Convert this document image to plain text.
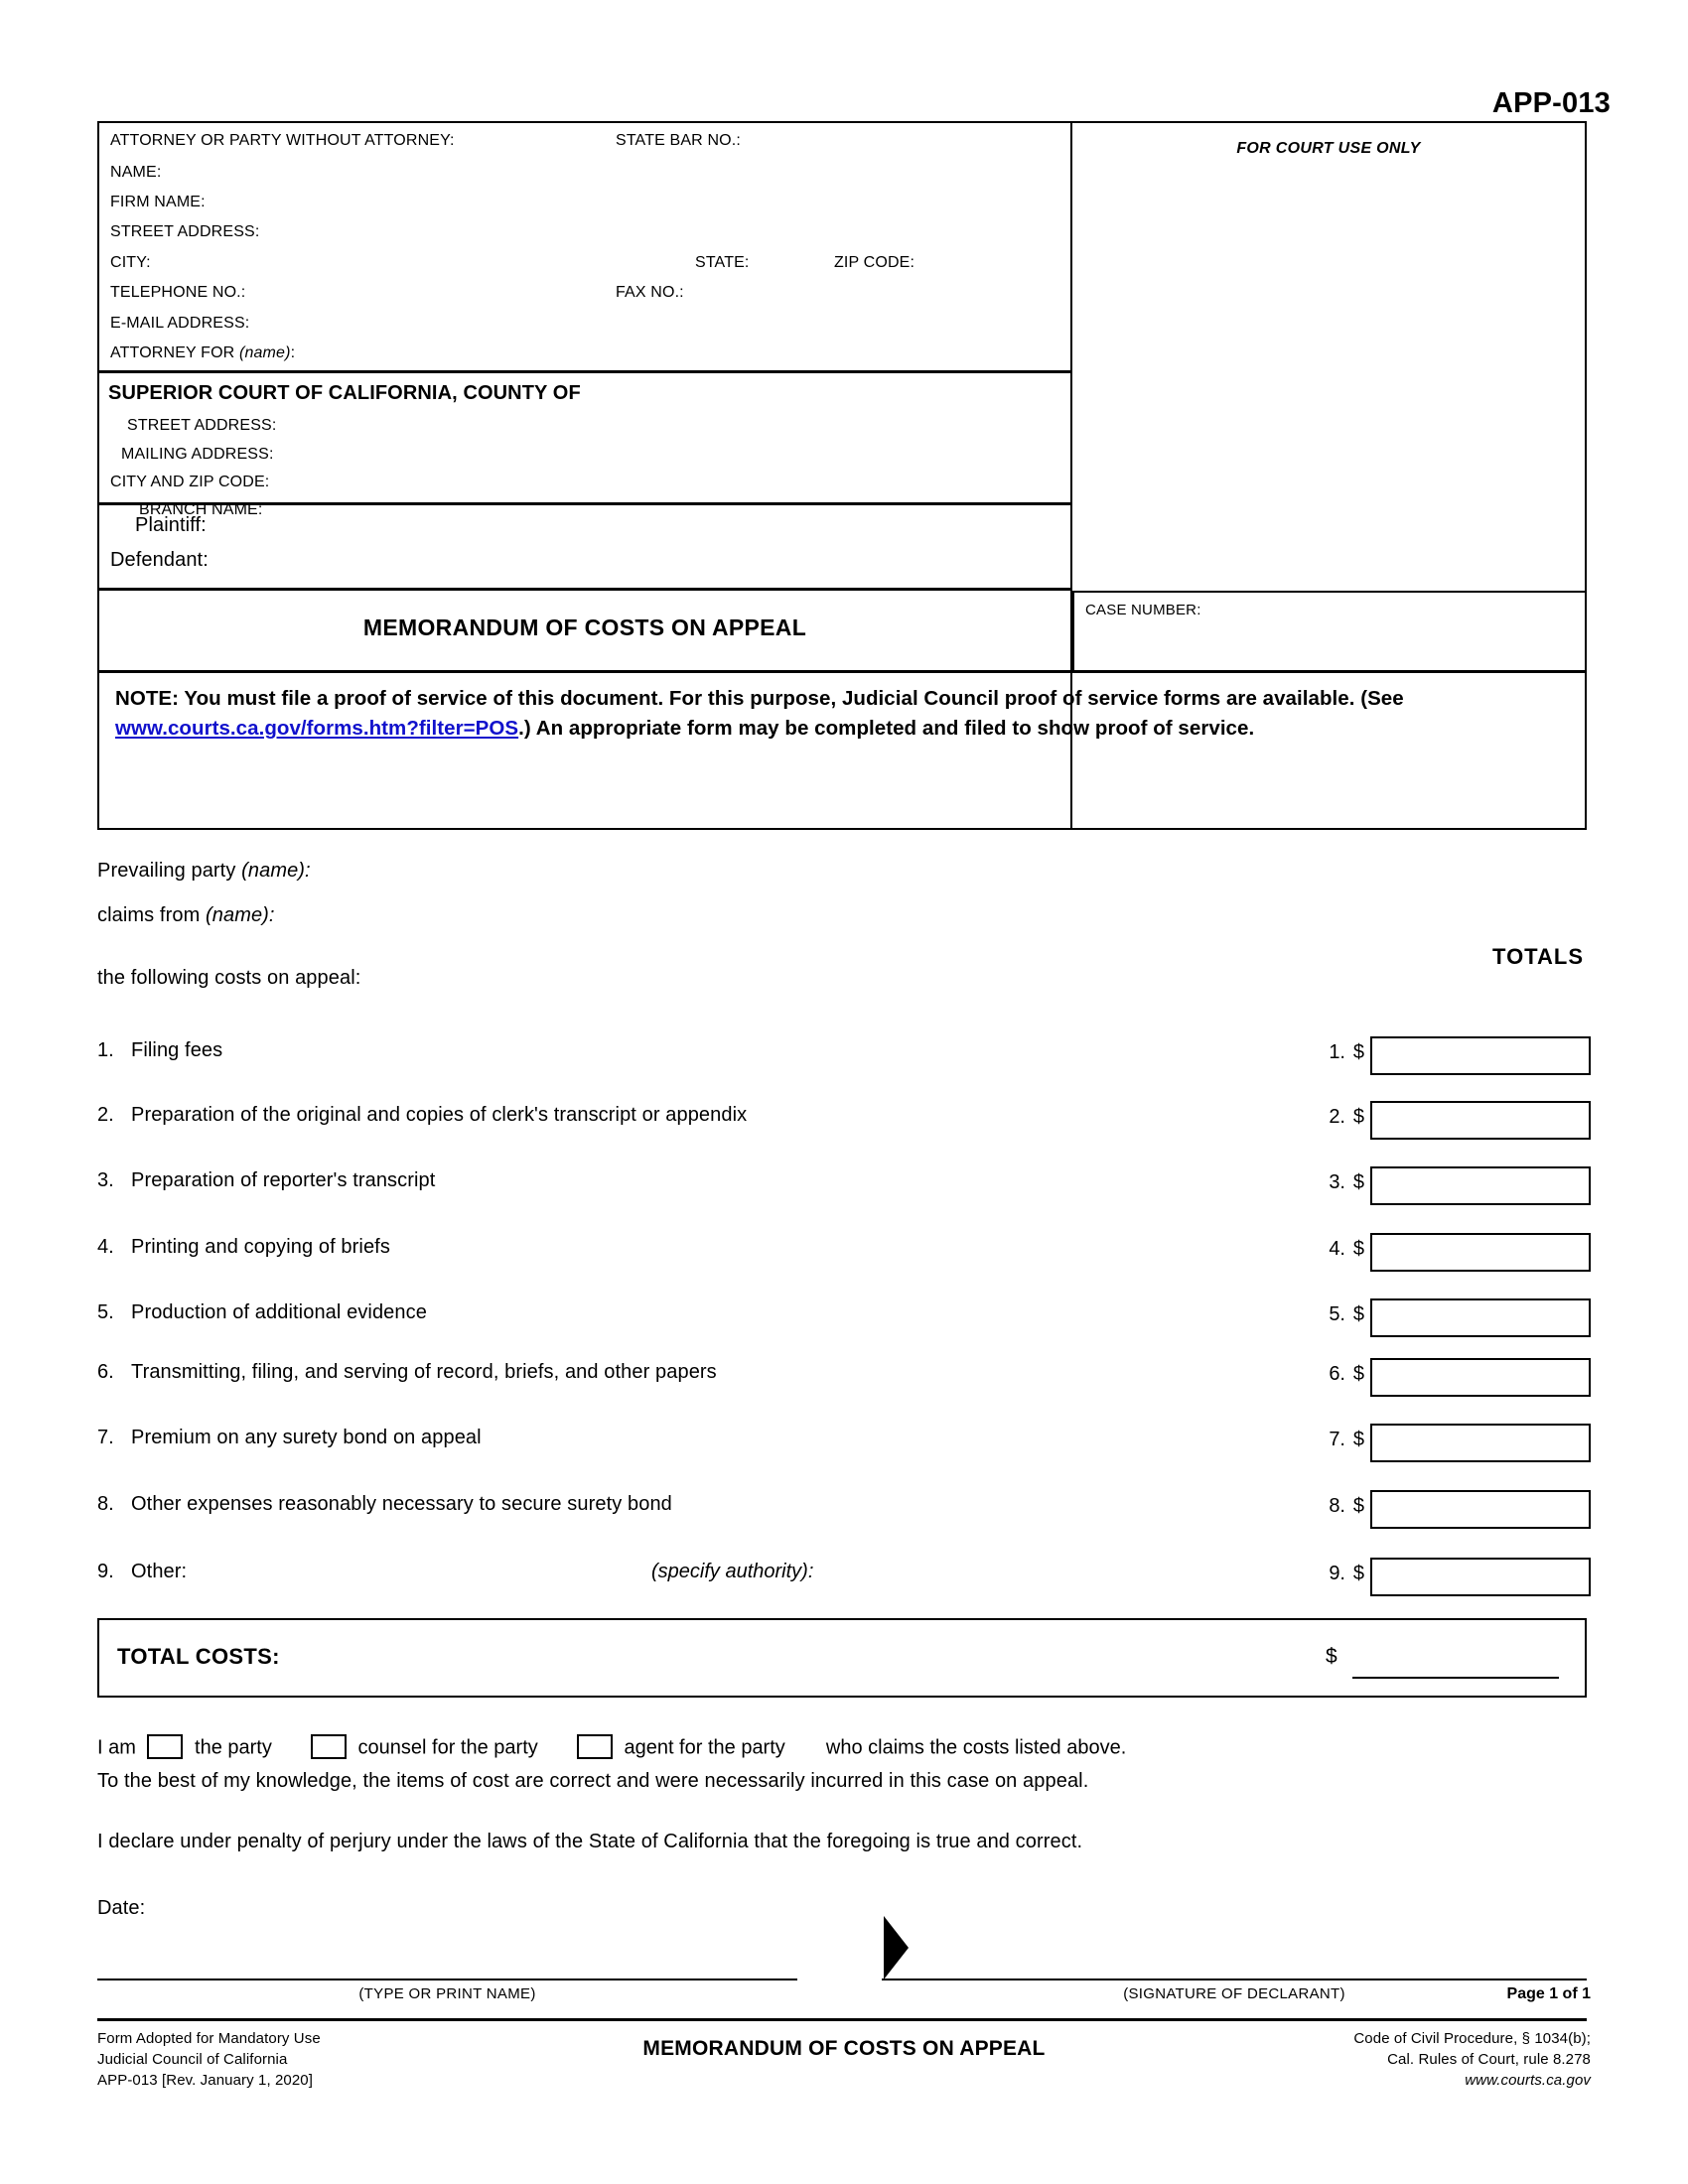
APP-013
ATTORNEY OR PARTY WITHOUT ATTORNEY:	STATE BAR NO.:
NAME:
FIRM NAME:
STREET ADDRESS:
CITY:	STATE:	ZIP CODE:
TELEPHONE NO.:	FAX NO.:
E-MAIL ADDRESS:
ATTORNEY FOR (name):
SUPERIOR COURT OF CALIFORNIA, COUNTY OF
STREET ADDRESS:
MAILING ADDRESS:
CITY AND ZIP CODE:
BRANCH NAME:
Plaintiff:
Defendant:
MEMORANDUM OF COSTS ON APPEAL
FOR COURT USE ONLY
CASE NUMBER:
NOTE: You must file a proof of service of this document. For this purpose, Judicial Council proof of service forms are available. (See www.courts.ca.gov/forms.htm?filter=POS.) An appropriate form may be completed and filed to show proof of service.
Prevailing party (name):
claims from (name):
the following costs on appeal:
TOTALS
1. Filing fees	1. $
2. Preparation of the original and copies of clerk's transcript or appendix	2. $
3. Preparation of reporter's transcript	3. $
4. Printing and copying of briefs	4. $
5. Production of additional evidence	5. $
6. Transmitting, filing, and serving of record, briefs, and other papers	6. $
7. Premium on any surety bond on appeal	7. $
8. Other expenses reasonably necessary to secure surety bond	8. $
9. Other:	(specify authority):	9. $
TOTAL COSTS:	$
I am	the party	counsel for the party	agent for the party who claims the costs listed above.
To the best of my knowledge, the items of cost are correct and were necessarily incurred in this case on appeal.
I declare under penalty of perjury under the laws of the State of California that the foregoing is true and correct.
Date:
(TYPE OR PRINT NAME)	(SIGNATURE OF DECLARANT)	Page 1 of 1
Form Adopted for Mandatory Use
Judicial Council of California
APP-013 [Rev. January 1, 2020]
MEMORANDUM OF COSTS ON APPEAL	Code of Civil Procedure, § 1034(b);
Cal. Rules of Court, rule 8.278
www.courts.ca.gov
